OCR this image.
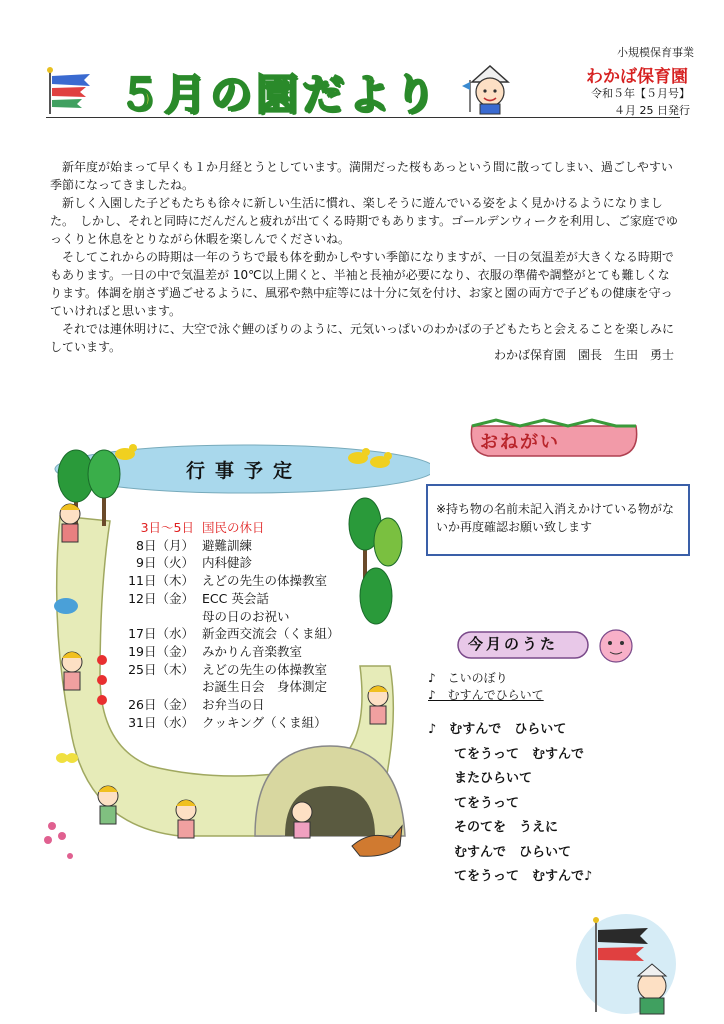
５月の園だより
小規模保育事業
わかば保育園
令和５年【５月号】
４月 25 日発行

新年度が始まって早くも１か月経とうとしています。満開だった桜もあっという間に散ってしまい、過ごしやすい季節になってきましたね。

新しく入園した子どもたちも徐々に新しい生活に慣れ、楽しそうに遊んでいる姿をよく見かけるようになりました。　しかし、それと同時にだんだんと疲れが出てくる時期でもあります。ゴールデンウィークを利用し、ご家庭でゆっくりと休息をとりながら休暇を楽しんでくださいね。

そしてこれからの時期は一年のうちで最も体を動かしやすい季節になりますが、一日の気温差が大きくなる時期でもあります。一日の中で気温差が 10℃以上開くと、半袖と長袖が必要になり、衣服の準備や調整がとても難しくなります。体調を崩さず過ごせるように、風邪や熱中症等には十分に気を付け、お家と園の両方で子どもの健康を守っていければと思います。

それでは連休明けに、大空で泳ぐ鯉のぼりのように、元気いっぱいのわかばの子どもたちと会えることを楽しみにしています。

わかば保育園　園長　生田　勇士
行事予定
3日～5日 国民の休日
8日（月） 避難訓練
9日（火） 内科健診
11日（木） えどの先生の体操教室
12日（金） ECC 英会話
母の日のお祝い
17日（水） 新金西交流会（くま組）
19日（金） みかりん音楽教室
25日（木） えどの先生の体操教室
お誕生日会　身体測定
26日（金） お弁当の日
31日（水） クッキング（くま組）
おねがい
※持ち物の名前未記入消えかけている物がないか再度確認お願い致します
今月のうた
♪　こいのぼり
♪　むすんでひらいて
♪　むすんで　ひらいて
　　てをうって　むすんで
　　またひらいて
　　てをうって
　　そのてを　うえに
　　むすんで　ひらいて
　　てをうって　むすんで♪
